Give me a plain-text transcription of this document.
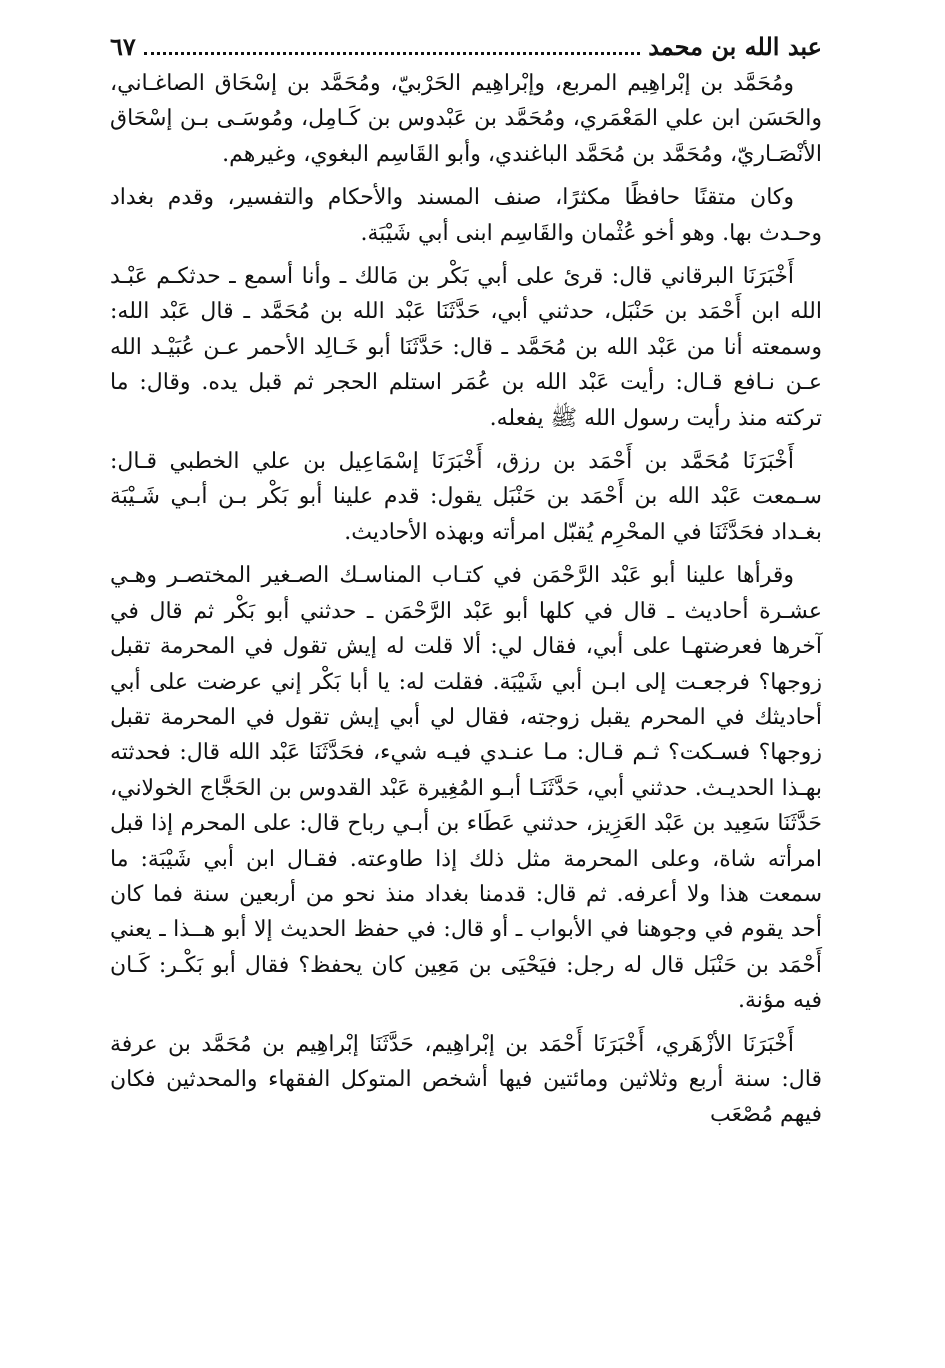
عبد الله بن محمد
٦٧

ومُحَمَّد بن إبْراهِيم المربع، وإبْراهِيم الحَرْبيّ، ومُحَمَّد بن إسْحَاق الصاغـاني، والحَسَن ابن علي المَعْمَري، ومُحَمَّد بن عَبْدوس بن كَـامِل، ومُوسَـى بـن إسْحَاق الأنْصَـاريّ، ومُحَمَّد بن مُحَمَّد الباغندي، وأبو القَاسِم البغوي، وغيرهم.

وكان متقنًا حافظًا مكثرًا، صنف المسند والأحكام والتفسير، وقدم بغداد وحـدث بها. وهو أخو عُثْمان والقَاسِم ابنى أبي شَيْبَة.

أَخْبَرَنَا البرقاني قال: قرئ على أبي بَكْر بن مَالك ـ وأنا أسمع ـ حدثكـم عَبْـد الله ابن أَحْمَد بن حَنْبَل، حدثني أبي، حَدَّثَنَا عَبْد الله بن مُحَمَّد ـ قال عَبْد الله: وسمعته أنا من عَبْد الله بن مُحَمَّد ـ قال: حَدَّثَنَا أبو خَـالِد الأحمر عـن عُبَيْـد الله عـن نـافع قـال: رأيت عَبْد الله بن عُمَر استلم الحجر ثم قبل يده. وقال: ما تركته منذ رأيت رسول الله ﷺ يفعله.

أَخْبَرَنَا مُحَمَّد بن أَحْمَد بن رزق، أَخْبَرَنَا إسْمَاعِيل بن علي الخطبي قـال: سـمعت عَبْد الله بن أَحْمَد بن حَنْبَل يقول: قدم علينا أبو بَكْر بـن أبـي شَـيْبَة بغـداد فحَدَّثَنَا في المحْرِم يُقبّل امرأته وبهذه الأحاديث.

وقرأها علينا أبو عَبْد الرَّحْمَن في كتـاب المناسـك الصـغير المختصـر وهـي عشـرة أحاديث ـ قال في كلها أبو عَبْد الرَّحْمَن ـ حدثني أبو بَكْر ثم قال في آخرها فعرضتهـا على أبي، فقال لي: ألا قلت له إيش تقول في المحرمة تقبل زوجها؟ فرجعـت إلى ابـن أبي شَيْبَة. فقلت له: يا أبا بَكْر إني عرضت على أبي أحاديثك في المحرم يقبل زوجته، فقال لي أبي إيش تقول في المحرمة تقبل زوجها؟ فسـكت؟ ثـم قـال: مـا عنـدي فيـه شيء، فحَدَّثَنَا عَبْد الله قال: فحدثته بهـذا الحديـث. حدثني أبي، حَدَّثَنَـا أبـو المُغِيرة عَبْد القدوس بن الحَجَّاج الخولاني، حَدَّثَنَا سَعِيد بن عَبْد العَزِيز، حدثني عَطَاء بن أبـي رباح قال: على المحرم إذا قبل امرأته شاة، وعلى المحرمة مثل ذلك إذا طاوعته. فقـال ابن أبي شَيْبَة: ما سمعت هذا ولا أعرفه. ثم قال: قدمنا بغداد منذ نحو من أربعين سنة فما كان أحد يقوم في وجوهنا في الأبواب ـ أو قال: في حفظ الحديث إلا أبو هــذا ـ يعني أَحْمَد بن حَنْبَل قال له رجل: فيَحْيَى بن مَعِين كان يحفظ؟ فقال أبو بَكْـر: كَـان فيه مؤنة.

أَخْبَرَنَا الأزْهَري، أَخْبَرَنَا أَحْمَد بن إبْراهِيم، حَدَّثَنَا إبْراهِيم بن مُحَمَّد بن عرفة قال: سنة أربع وثلاثين ومائتين فيها أشخص المتوكل الفقهاء والمحدثين فكان فيهم مُصْعَب
